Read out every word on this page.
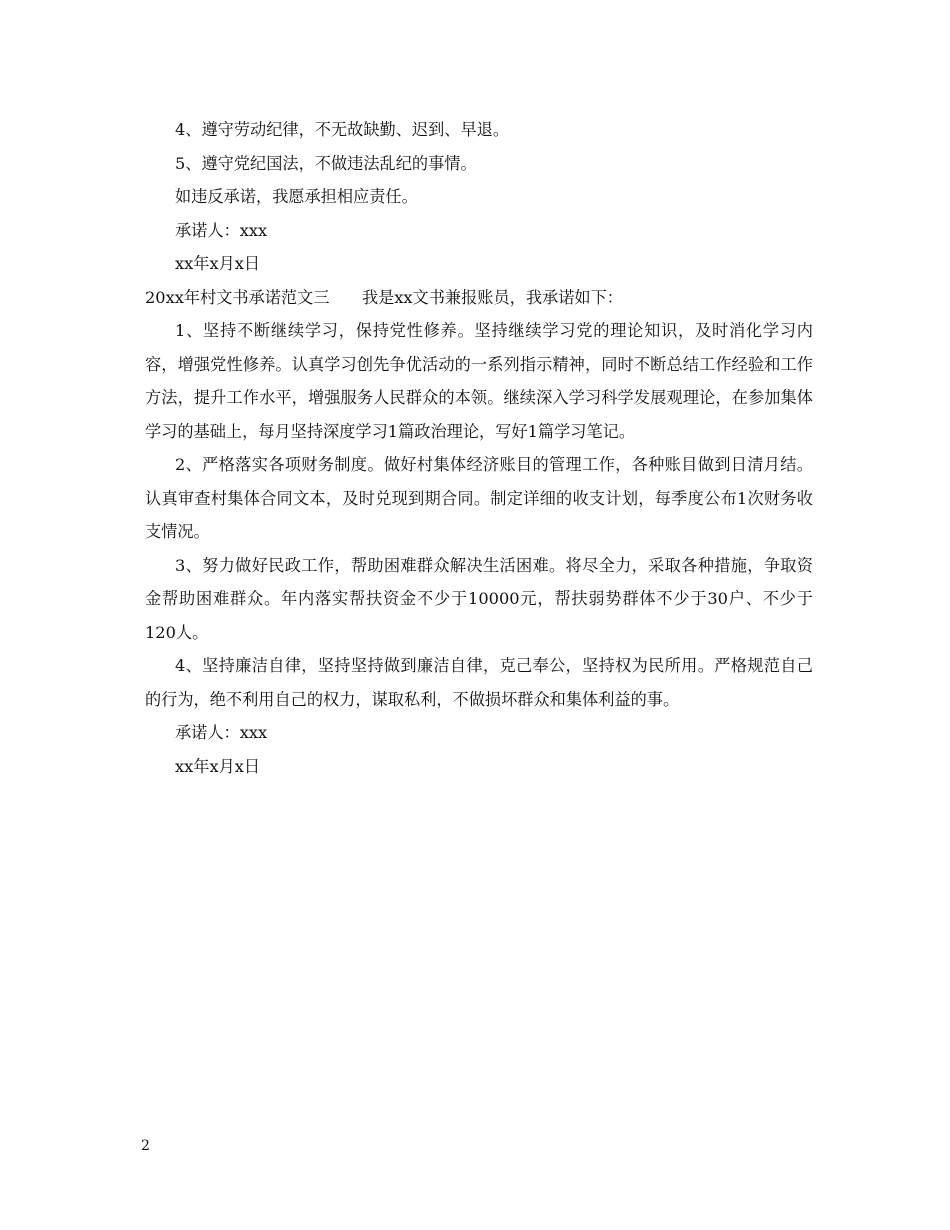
4、遵守劳动纪律，不无故缺勤、迟到、早退。

5、遵守党纪国法，不做违法乱纪的事情。

如违反承诺，我愿承担相应责任。

承诺人：xxx

xx年x月x日

20xx年村文书承诺范文三　　我是xx文书兼报账员，我承诺如下：

1、坚持不断继续学习，保持党性修养。坚持继续学习党的理论知识，及时消化学习内容，增强党性修养。认真学习创先争优活动的一系列指示精神，同时不断总结工作经验和工作方法，提升工作水平，增强服务人民群众的本领。继续深入学习科学发展观理论，在参加集体学习的基础上，每月坚持深度学习1篇政治理论，写好1篇学习笔记。

2、严格落实各项财务制度。做好村集体经济账目的管理工作，各种账目做到日清月结。认真审查村集体合同文本，及时兑现到期合同。制定详细的收支计划，每季度公布1次财务收支情况。

3、努力做好民政工作，帮助困难群众解决生活困难。将尽全力，采取各种措施，争取资金帮助困难群众。年内落实帮扶资金不少于10000元，帮扶弱势群体不少于30户、不少于120人。

4、坚持廉洁自律，坚持坚持做到廉洁自律，克己奉公，坚持权为民所用。严格规范自己的行为，绝不利用自己的权力，谋取私利，不做损坏群众和集体利益的事。

承诺人：xxx

xx年x月x日

2
